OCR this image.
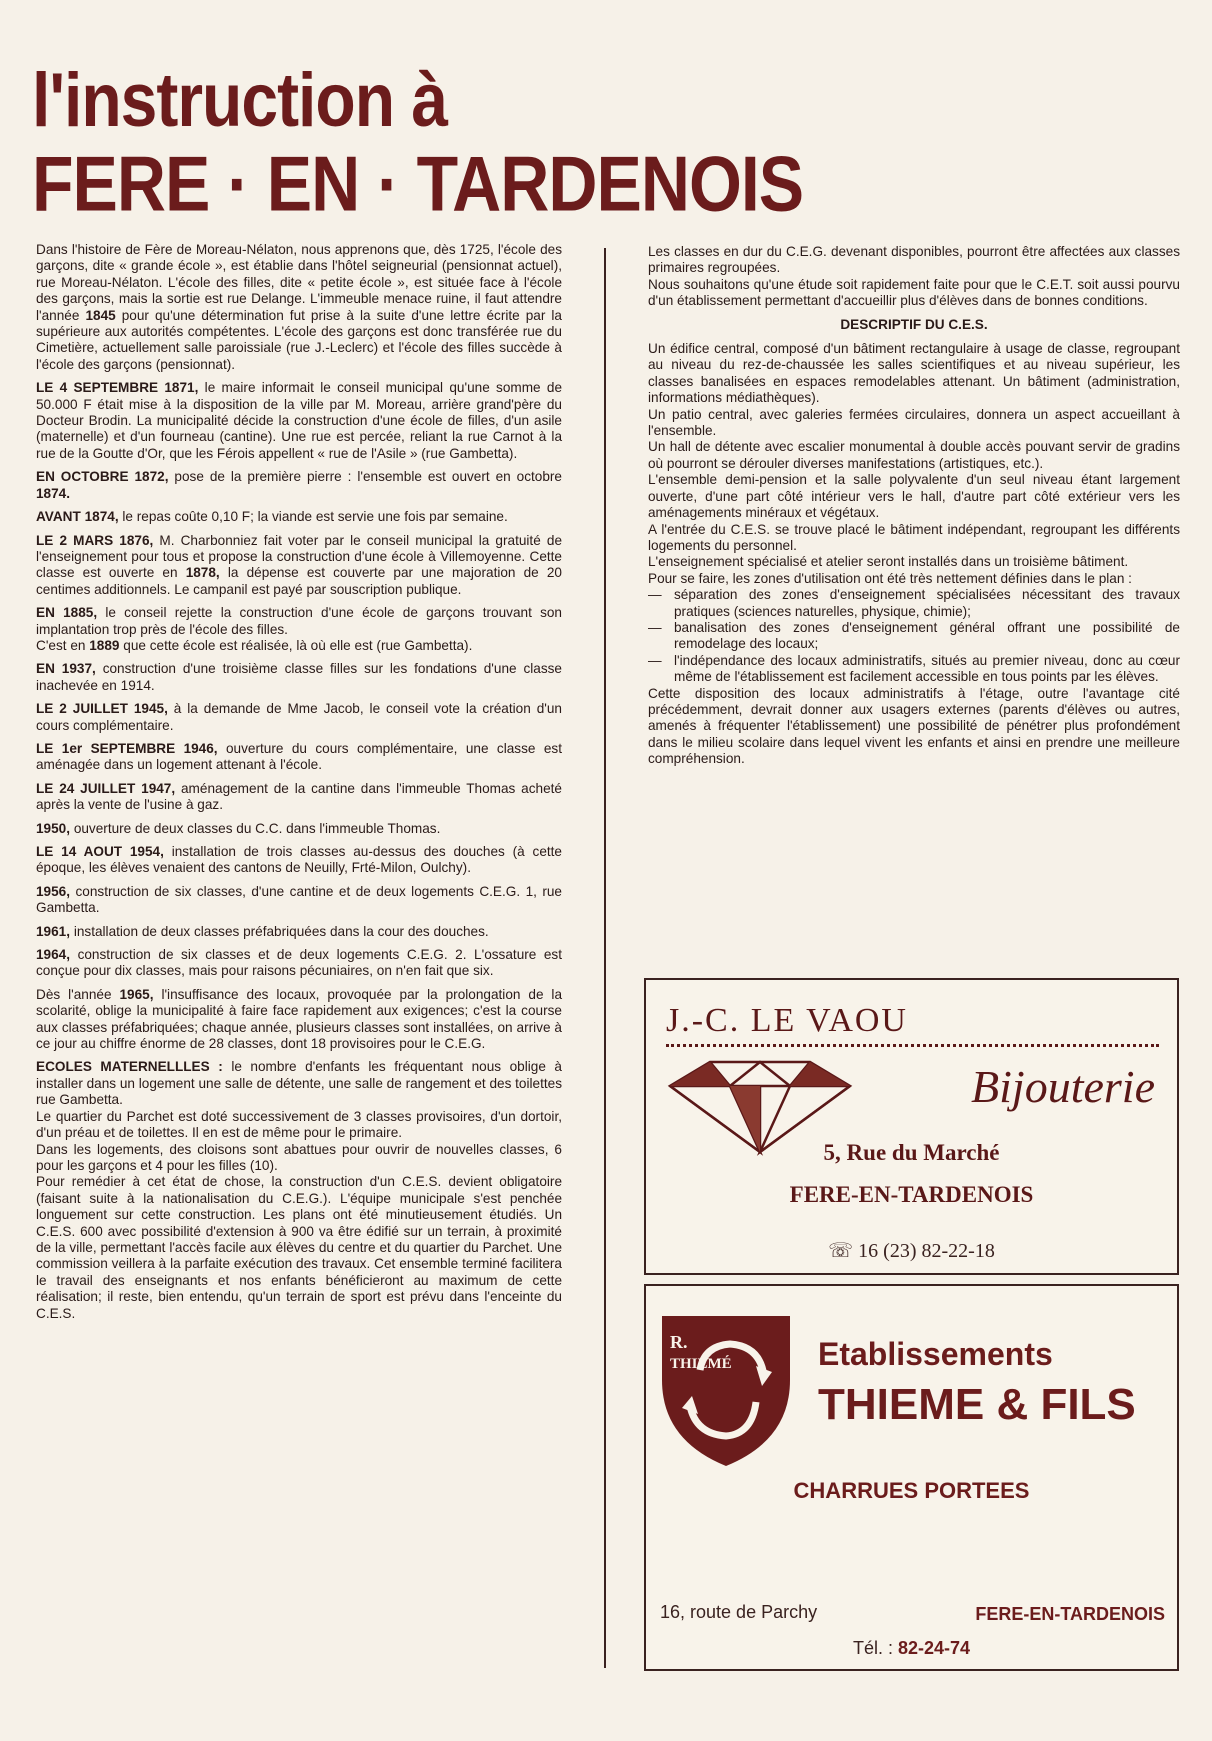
l'instruction à
FERE · EN · TARDENOIS

Dans l'histoire de Fère de Moreau-Nélaton, nous apprenons que, dès 1725, l'école des garçons, dite « grande école », est établie dans l'hôtel seigneurial (pensionnat actuel), rue Moreau-Nélaton. L'école des filles, dite « petite école », est située face à l'école des garçons, mais la sortie est rue Delange. L'immeuble menace ruine, il faut attendre l'année 1845 pour qu'une détermination fut prise à la suite d'une lettre écrite par la supérieure aux autorités compétentes. L'école des garçons est donc transférée rue du Cimetière, actuellement salle paroissiale (rue J.-Leclerc) et l'école des filles succède à l'école des garçons (pensionnat).

LE 4 SEPTEMBRE 1871, le maire informait le conseil municipal qu'une somme de 50.000 F était mise à la disposition de la ville par M. Moreau, arrière grand'père du Docteur Brodin. La municipalité décide la construction d'une école de filles, d'un asile (maternelle) et d'un fourneau (cantine). Une rue est percée, reliant la rue Carnot à la rue de la Goutte d'Or, que les Férois appellent « rue de l'Asile » (rue Gambetta).

EN OCTOBRE 1872, pose de la première pierre : l'ensemble est ouvert en octobre 1874.

AVANT 1874, le repas coûte 0,10 F; la viande est servie une fois par semaine.

LE 2 MARS 1876, M. Charbonniez fait voter par le conseil municipal la gratuité de l'enseignement pour tous et propose la construction d'une école à Villemoyenne. Cette classe est ouverte en 1878, la dépense est couverte par une majoration de 20 centimes additionnels. Le campanil est payé par souscription publique.

EN 1885, le conseil rejette la construction d'une école de garçons trouvant son implantation trop près de l'école des filles.
C'est en 1889 que cette école est réalisée, là où elle est (rue Gambetta).

EN 1937, construction d'une troisième classe filles sur les fondations d'une classe inachevée en 1914.

LE 2 JUILLET 1945, à la demande de Mme Jacob, le conseil vote la création d'un cours complémentaire.

LE 1er SEPTEMBRE 1946, ouverture du cours complémentaire, une classe est aménagée dans un logement attenant à l'école.

LE 24 JUILLET 1947, aménagement de la cantine dans l'immeuble Thomas acheté après la vente de l'usine à gaz.

1950, ouverture de deux classes du C.C. dans l'immeuble Thomas.

LE 14 AOUT 1954, installation de trois classes au-dessus des douches (à cette époque, les élèves venaient des cantons de Neuilly, Frté-Milon, Oulchy).

1956, construction de six classes, d'une cantine et de deux logements C.E.G. 1, rue Gambetta.

1961, installation de deux classes préfabriquées dans la cour des douches.

1964, construction de six classes et de deux logements C.E.G. 2. L'ossature est conçue pour dix classes, mais pour raisons pécuniaires, on n'en fait que six.

Dès l'année 1965, l'insuffisance des locaux, provoquée par la prolongation de la scolarité, oblige la municipalité à faire face rapidement aux exigences; c'est la course aux classes préfabriquées; chaque année, plusieurs classes sont installées, on arrive à ce jour au chiffre énorme de 28 classes, dont 18 provisoires pour le C.E.G.

ECOLES MATERNELLLES : le nombre d'enfants les fréquentant nous oblige à installer dans un logement une salle de détente, une salle de rangement et des toilettes rue Gambetta.
Le quartier du Parchet est doté successivement de 3 classes provisoires, d'un dortoir, d'un préau et de toilettes. Il en est de même pour le primaire.
Dans les logements, des cloisons sont abattues pour ouvrir de nouvelles classes, 6 pour les garçons et 4 pour les filles (10).
Pour remédier à cet état de chose, la construction d'un C.E.S. devient obligatoire (faisant suite à la nationalisation du C.E.G.). L'équipe municipale s'est penchée longuement sur cette construction. Les plans ont été minutieusement étudiés. Un C.E.S. 600 avec possibilité d'extension à 900 va être édifié sur un terrain, à proximité de la ville, permettant l'accès facile aux élèves du centre et du quartier du Parchet. Une commission veillera à la parfaite exécution des travaux. Cet ensemble terminé facilitera le travail des enseignants et nos enfants bénéficieront au maximum de cette réalisation; il reste, bien entendu, qu'un terrain de sport est prévu dans l'enceinte du C.E.S.

Les classes en dur du C.E.G. devenant disponibles, pourront être affectées aux classes primaires regroupées.

Nous souhaitons qu'une étude soit rapidement faite pour que le C.E.T. soit aussi pourvu d'un établissement permettant d'accueillir plus d'élèves dans de bonnes conditions.

DESCRIPTIF DU C.E.S.

Un édifice central, composé d'un bâtiment rectangulaire à usage de classe, regroupant au niveau du rez-de-chaussée les salles scientifiques et au niveau supérieur, les classes banalisées en espaces remodelables attenant. Un bâtiment (administration, informations médiathèques).

Un patio central, avec galeries fermées circulaires, donnera un aspect accueillant à l'ensemble.

Un hall de détente avec escalier monumental à double accès pouvant servir de gradins où pourront se dérouler diverses manifestations (artistiques, etc.).

L'ensemble demi-pension et la salle polyvalente d'un seul niveau étant largement ouverte, d'une part côté intérieur vers le hall, d'autre part côté extérieur vers les aménagements minéraux et végétaux.

A l'entrée du C.E.S. se trouve placé le bâtiment indépendant, regroupant les différents logements du personnel.

L'enseignement spécialisé et atelier seront installés dans un troisième bâtiment.

Pour se faire, les zones d'utilisation ont été très nettement définies dans le plan :

— séparation des zones d'enseignement spécialisées nécessitant des travaux pratiques (sciences naturelles, physique, chimie);
— banalisation des zones d'enseignement général offrant une possibilité de remodelage des locaux;
— l'indépendance des locaux administratifs, situés au premier niveau, donc au cœur même de l'établissement est facilement accessible en tous points par les élèves.

Cette disposition des locaux administratifs à l'étage, outre l'avantage cité précédemment, devrait donner aux usagers externes (parents d'élèves ou autres, amenés à fréquenter l'établissement) une possibilité de pénétrer plus profondément dans le milieu scolaire dans lequel vivent les enfants et ainsi en prendre une meilleure compréhension.

J.-C. LE VAOU
Bijouterie
5, Rue du Marché
FERE-EN-TARDENOIS
☏ 16 (23) 82-22-18
R.
THIÉMÉ	Etablissements
THIEME & FILS
CHARRUES PORTEES
16, route de Parchy	FERE-EN-TARDENOIS
Tél. : 82-24-74
